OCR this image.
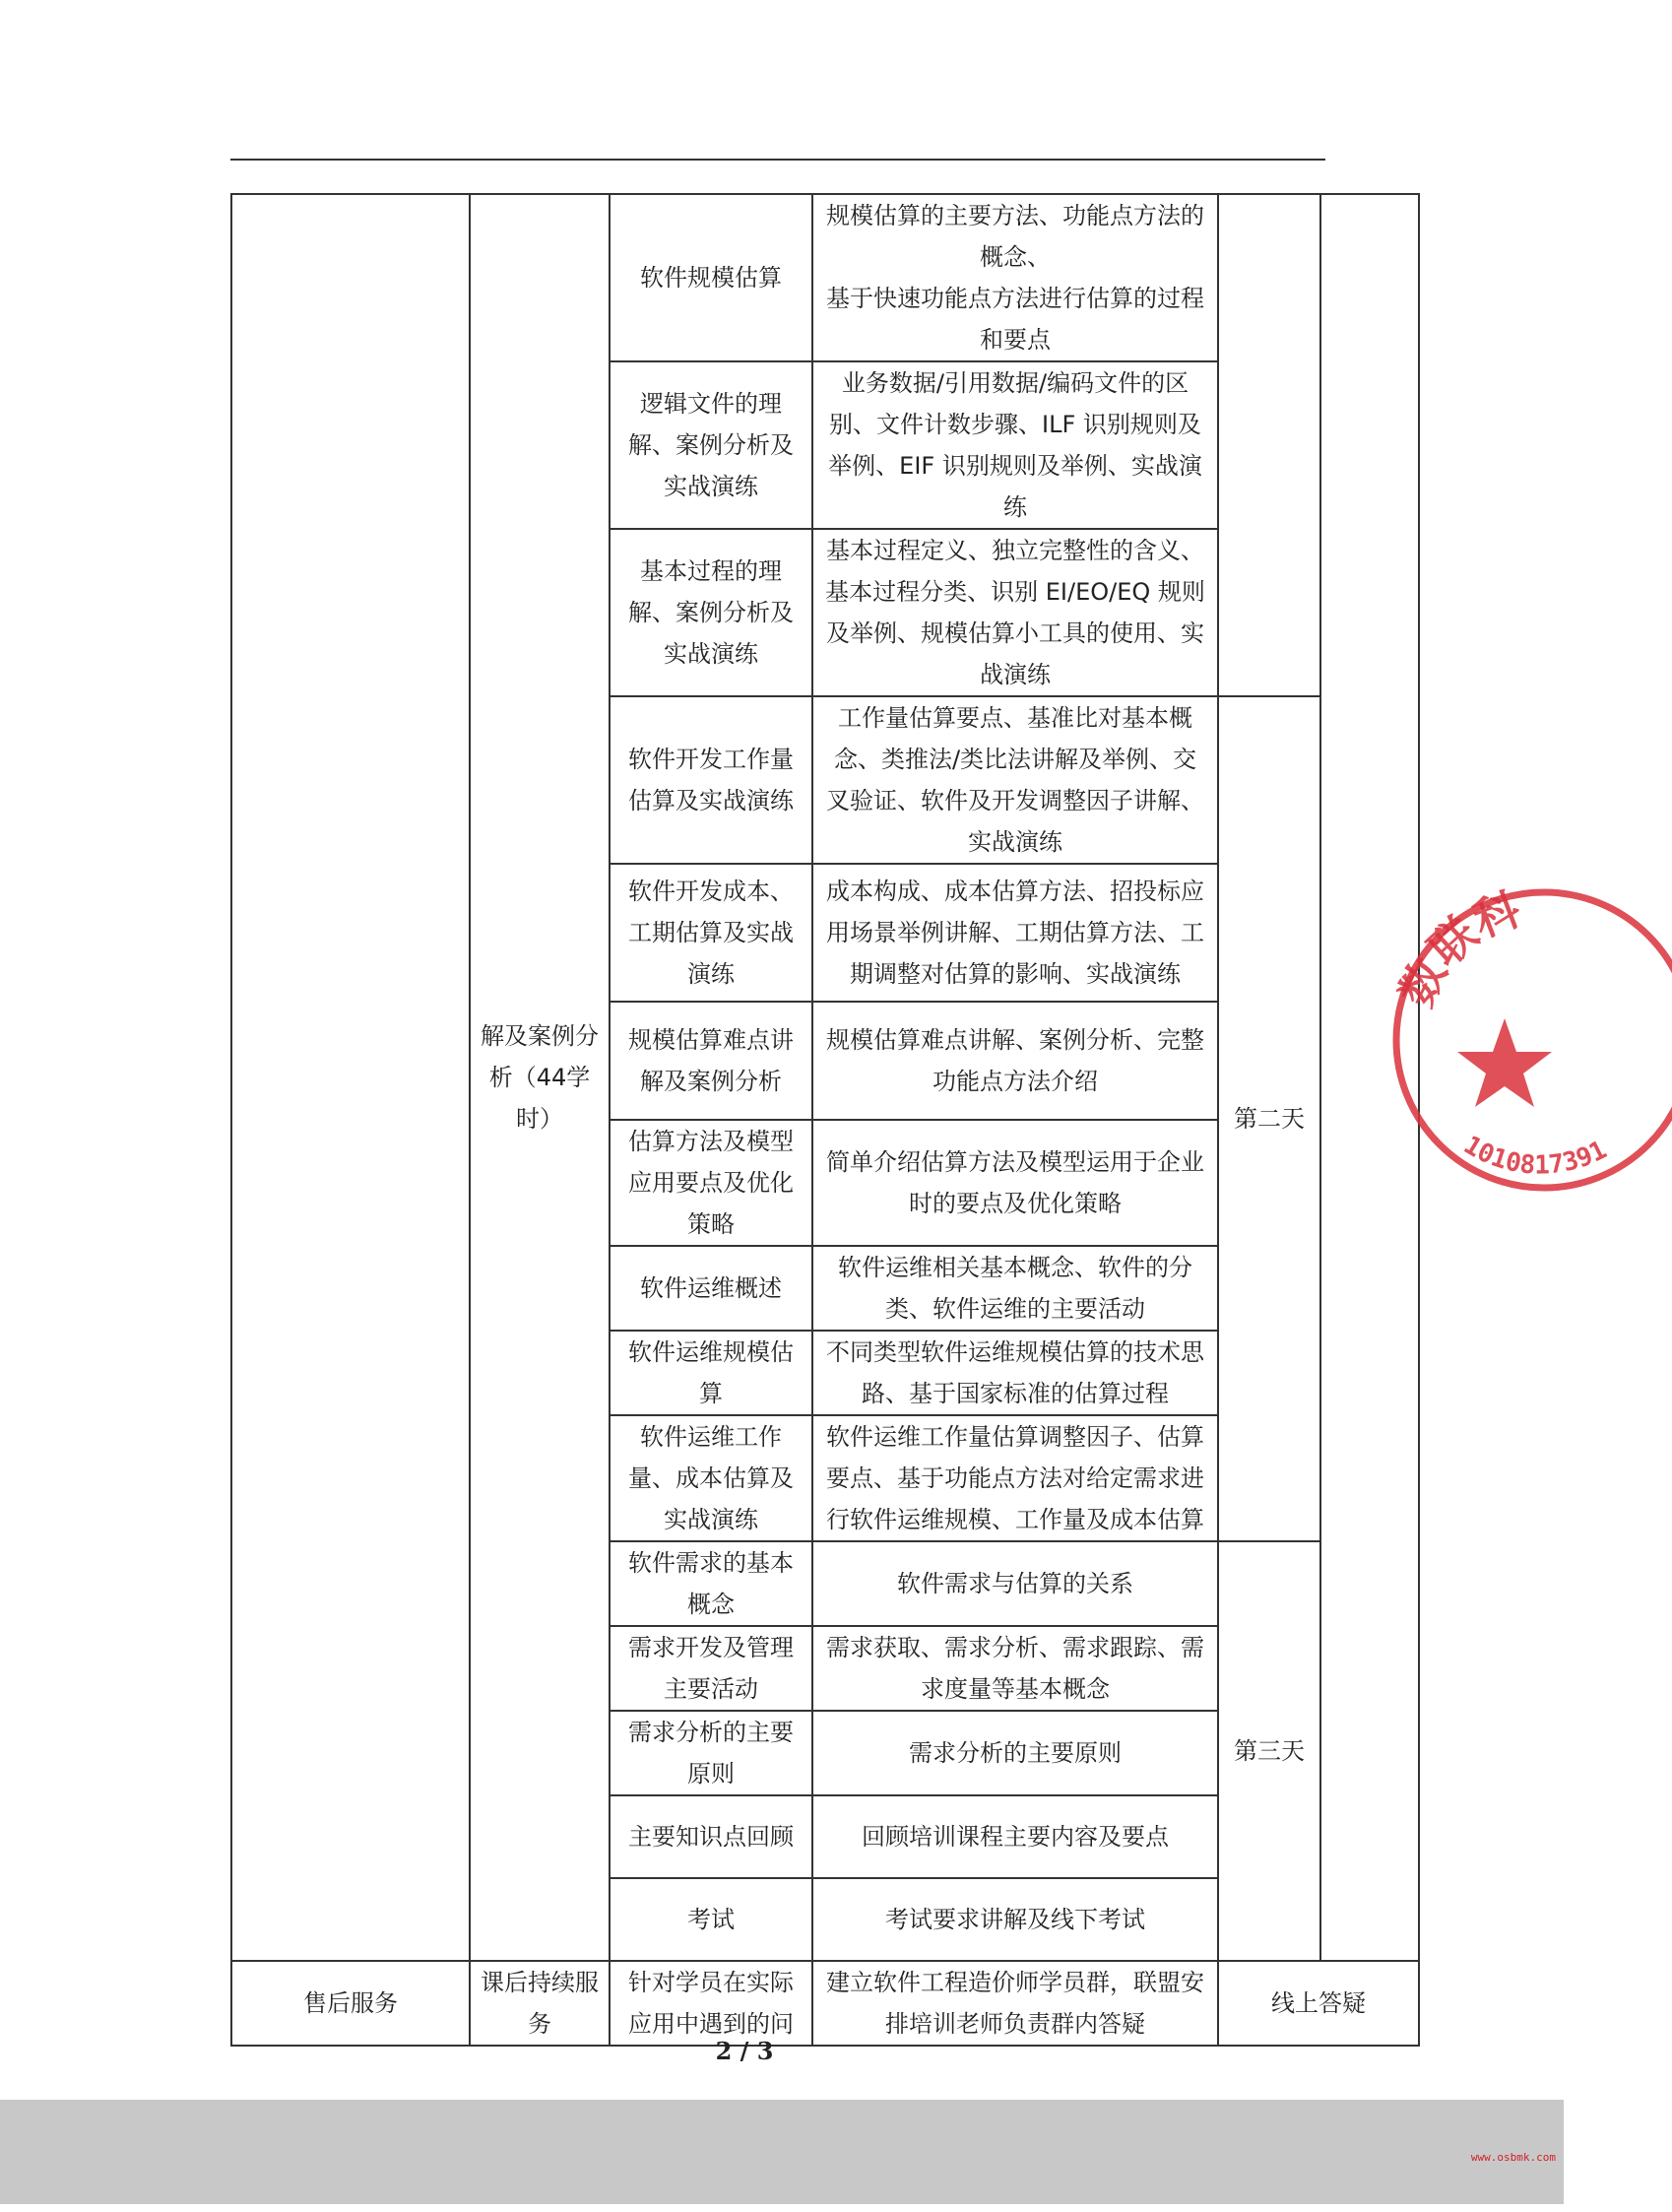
	解及案例分析（44学时）	软件规模估算	规模估算的主要方法、功能点方法的概念、
基于快速功能点方法进行估算的过程和要点		
		逻辑文件的理解、案例分析及实战演练	业务数据/引用数据/编码文件的区别、文件计数步骤、ILF 识别规则及举例、EIF 识别规则及举例、实战演练		
		基本过程的理解、案例分析及实战演练	基本过程定义、独立完整性的含义、基本过程分类、识别 EI/EO/EQ 规则及举例、规模估算小工具的使用、实战演练		
		软件开发工作量估算及实战演练	工作量估算要点、基准比对基本概念、类推法/类比法讲解及举例、交叉验证、软件及开发调整因子讲解、实战演练	第二天	
		软件开发成本、工期估算及实战演练	成本构成、成本估算方法、招投标应用场景举例讲解、工期估算方法、工期调整对估算的影响、实战演练		
		规模估算难点讲解及案例分析	规模估算难点讲解、案例分析、完整功能点方法介绍		
		估算方法及模型应用要点及优化策略	简单介绍估算方法及模型运用于企业时的要点及优化策略		
		软件运维概述	软件运维相关基本概念、软件的分类、软件运维的主要活动		
		软件运维规模估算	不同类型软件运维规模估算的技术思路、基于国家标准的估算过程		
		软件运维工作量、成本估算及实战演练	软件运维工作量估算调整因子、估算要点、基于功能点方法对给定需求进行软件运维规模、工作量及成本估算		
		软件需求的基本概念	软件需求与估算的关系	第三天	
		需求开发及管理主要活动	需求获取、需求分析、需求跟踪、需求度量等基本概念		
		需求分析的主要原则	需求分析的主要原则		
		主要知识点回顾	回顾培训课程主要内容及要点		
		考试	考试要求讲解及线下考试		
售后服务	课后持续服务	针对学员在实际应用中遇到的问	建立软件工程造价师学员群，联盟安排培训老师负责群内答疑	线上答疑	
数联科
1010817391
2 / 3
www.osbmk.com
